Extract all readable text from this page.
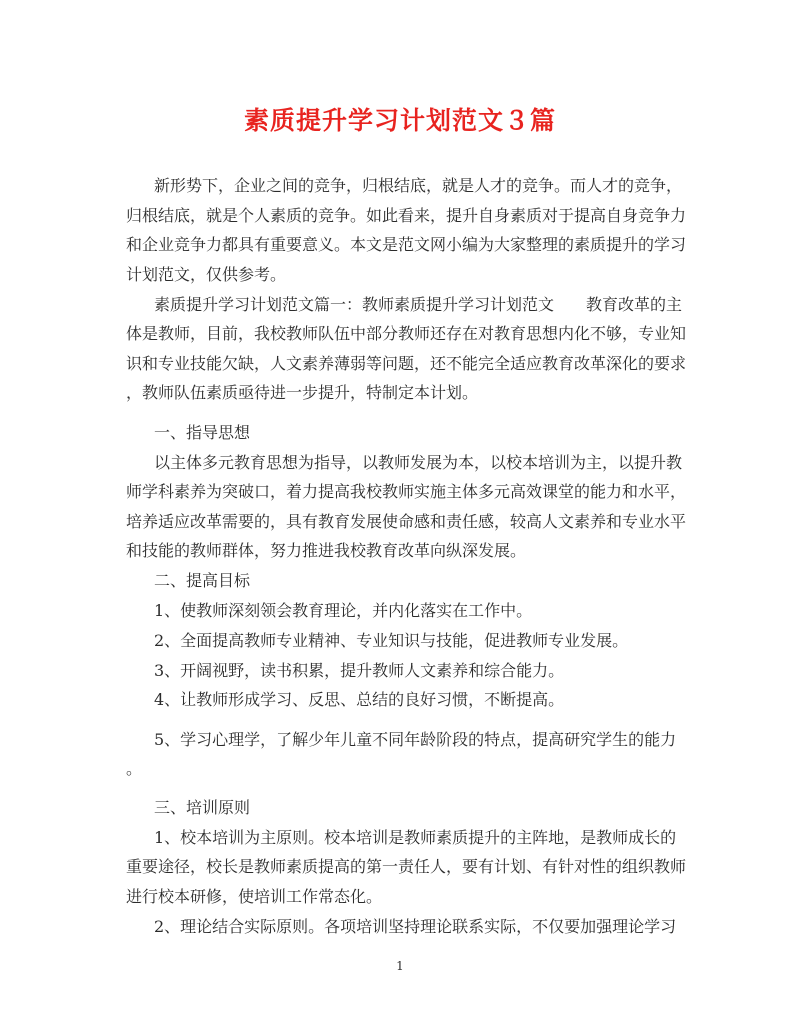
素质提升学习计划范文３篇
新形势下，企业之间的竞争，归根结底，就是人才的竞争。而人才的竞争，
归根结底，就是个人素质的竞争。如此看来，提升自身素质对于提高自身竞争力
和企业竞争力都具有重要意义。本文是范文网小编为大家整理的素质提升的学习
计划范文，仅供参考。
素质提升学习计划范文篇一：教师素质提升学习计划范文　　教育改革的主
体是教师，目前，我校教师队伍中部分教师还存在对教育思想内化不够，专业知
识和专业技能欠缺，人文素养薄弱等问题，还不能完全适应教育改革深化的要求
，教师队伍素质亟待进一步提升，特制定本计划。
一、指导思想
以主体多元教育思想为指导，以教师发展为本，以校本培训为主，以提升教
师学科素养为突破口，着力提高我校教师实施主体多元高效课堂的能力和水平，
培养适应改革需要的，具有教育发展使命感和责任感，较高人文素养和专业水平
和技能的教师群体，努力推进我校教育改革向纵深发展。
二、提高目标
1、使教师深刻领会教育理论，并内化落实在工作中。
2、全面提高教师专业精神、专业知识与技能，促进教师专业发展。
3、开阔视野，读书积累，提升教师人文素养和综合能力。
4、让教师形成学习、反思、总结的良好习惯，不断提高。
5、学习心理学，了解少年儿童不同年龄阶段的特点，提高研究学生的能力
。
三、培训原则
1、校本培训为主原则。校本培训是教师素质提升的主阵地，是教师成长的
重要途径，校长是教师素质提高的第一责任人，要有计划、有针对性的组织教师
进行校本研修，使培训工作常态化。
2、理论结合实际原则。各项培训坚持理论联系实际，不仅要加强理论学习
1
